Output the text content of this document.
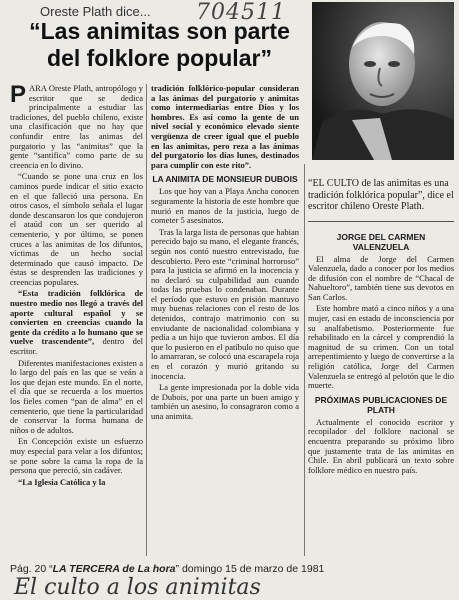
Oreste Plath dice... 704511
“Las animitas son parte
del folklore popular”

PARA Oreste Plath, antropólogo y escritor que se dedica principalmente a estudiar las tradiciones, del pueblo chileno, existe una clasificación que no hay que confundir entre las animas del purgatorio y las “animitas” que la gente “santifica” como parte de su creencia en lo divino.

“Cuando se pone una cruz en los caminos puede indicar el sitio exacto en el que falleció una persona. En otros casos, el símbolo señala el lugar donde descansaron los que condujeron el ataúd con un ser querido al cementerio, y por último, se ponen cruces a las animitas de los difuntos, víctimas de un hecho social determinado que causó impacto. De éstas se desprenden las tradiciones y creencias populares.

“Esta tradición folklórica de nuestro medio nos llegó a través del aporte cultural español y se convierten en creencias cuando la gente da crédito a lo humano que se vuelve trascendente”, dentro del escritor.

Diferentes manifestaciones existen a lo largo del país en las que se veán a los que dejan este mundo. En el norte, el día que se recuerda a los muertos los fieles comen “pan de alma” en el cementerio, que tiene la particularidad de conservar la forma humana de niños o de adultos.

En Concepción existe un esfuerzo muy especial para velar a los difuntos; se pone sobre la cama la ropa de la persona que pereció, sin cadáver.

“La Iglesia Católica y la

tradición folklórico-popular consideran a las ánimas del purgatorio y animitas como intermediarias entre Dios y los hombres. Es así como la gente de un nivel social y económico elevado siente vergüenza de creer igual que el pueblo en las animitas, pero reza a las ánimas del purgatorio los días lunes, destinados para cumplir con este rito”.

LA ANIMITA DE MONSIEUR DUBOIS

Los que hoy van a Playa Ancha conocen seguramente la historia de este hombre que murió en manos de la justicia, luego de cometer 5 asesinatos.

Tras la larga lista de personas que habian perecido bajo su mano, el elegante francés, según nos contó nuestro entrevistado, fue descubierto. Pero este “criminal horroroso” para la justicia se afirmó en la inocencia y no declaró su culpabilidad aun cuando todas las pruebas lo condenaban. Durante el período que estuvo en prisión mantuvo muy buenas relaciones con el resto de los detenidos, contrajo matrimonio con su enviudante de nacionalidad colombiana y pedía a un hijo que tuvieron ambos. El día que lo pusieron en el patíbulo no quiso que lo amarraran, se colocó una escarapela roja en el corazón y murió gritando su inocencia.

La gente impresionada por la doble vida de Dubois, por una parte un buen amigo y también un asesino, lo consagraron como a una animita.

“EL CULTO de las animitas es una tradición folklórica popular”, dice el escritor chileno Oreste Plath.
JORGE DEL CARMEN VALENZUELA

El alma de Jorge del Carmen Valenzuela, dado a conocer por los medios de difusión con el nombre de “Chacal de Nahueltoro”, también tiene sus devotos en San Carlos.

Este hombre mató a cinco niños y a una mujer, casi en estado de inconsciencia por su analfabetismo. Posteriormente fue rehabilitado en la cárcel y comprendió la magnitud de su crimen. Con un total arrepentimiento y luego de convertirse a la religión católica, Jorge del Carmen Valenzuela se entregó al pelotón que le dio muerte.

PRÓXIMAS PUBLICACIONES DE PLATH

Actualmente el conocido escritor y recopilador del folklore nacional se encuentra preparando su próximo libro que justamente trata de las animitas en Chile. En abril publicará un texto sobre folklore médico en nuestro país.

Pág. 20 “LA TERCERA de La hora” domingo 15 de marzo de 1981
El culto a los animitas
